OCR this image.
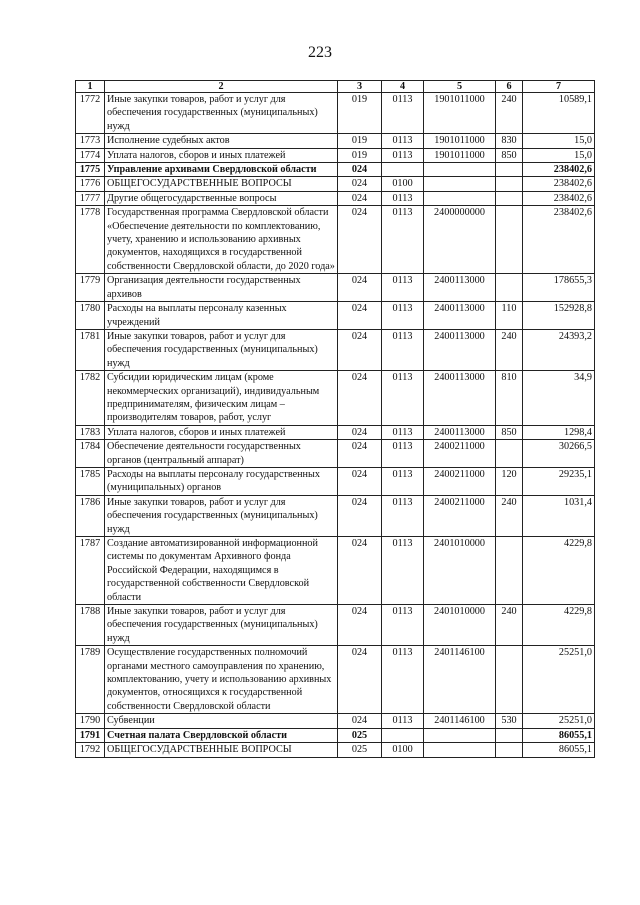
223
1	2	3	4	5	6	7
1772	Иные закупки товаров, работ и услуг для обеспечения государственных (муниципальных) нужд	019	0113	1901011000	240	10589,1
1773	Исполнение судебных актов	019	0113	1901011000	830	15,0
1774	Уплата налогов, сборов и иных платежей	019	0113	1901011000	850	15,0
1775	Управление архивами Свердловской области	024				238402,6
1776	ОБЩЕГОСУДАРСТВЕННЫЕ ВОПРОСЫ	024	0100			238402,6
1777	Другие общегосударственные вопросы	024	0113			238402,6
1778	Государственная программа Свердловской области «Обеспечение деятельности по комплектованию, учету, хранению и использованию архивных документов, находящихся в государственной собственности Свердловской области, до 2020 года»	024	0113	2400000000		238402,6
1779	Организация деятельности государственных архивов	024	0113	2400113000		178655,3
1780	Расходы на выплаты персоналу казенных учреждений	024	0113	2400113000	110	152928,8
1781	Иные закупки товаров, работ и услуг для обеспечения государственных (муниципальных) нужд	024	0113	2400113000	240	24393,2
1782	Субсидии юридическим лицам (кроме некоммерческих организаций), индивидуальным предпринимателям, физическим лицам – производителям товаров, работ, услуг	024	0113	2400113000	810	34,9
1783	Уплата налогов, сборов и иных платежей	024	0113	2400113000	850	1298,4
1784	Обеспечение деятельности государственных органов (центральный аппарат)	024	0113	2400211000		30266,5
1785	Расходы на выплаты персоналу государственных (муниципальных) органов	024	0113	2400211000	120	29235,1
1786	Иные закупки товаров, работ и услуг для обеспечения государственных (муниципальных) нужд	024	0113	2400211000	240	1031,4
1787	Создание автоматизированной информационной системы по документам Архивного фонда Российской Федерации, находящимся в государственной собственности Свердловской области	024	0113	2401010000		4229,8
1788	Иные закупки товаров, работ и услуг для обеспечения государственных (муниципальных) нужд	024	0113	2401010000	240	4229,8
1789	Осуществление государственных полномочий органами местного самоуправления по хранению, комплектованию, учету и использованию архивных документов, относящихся к государственной собственности Свердловской области	024	0113	2401146100		25251,0
1790	Субвенции	024	0113	2401146100	530	25251,0
1791	Счетная палата Свердловской области	025				86055,1
1792	ОБЩЕГОСУДАРСТВЕННЫЕ ВОПРОСЫ	025	0100			86055,1
